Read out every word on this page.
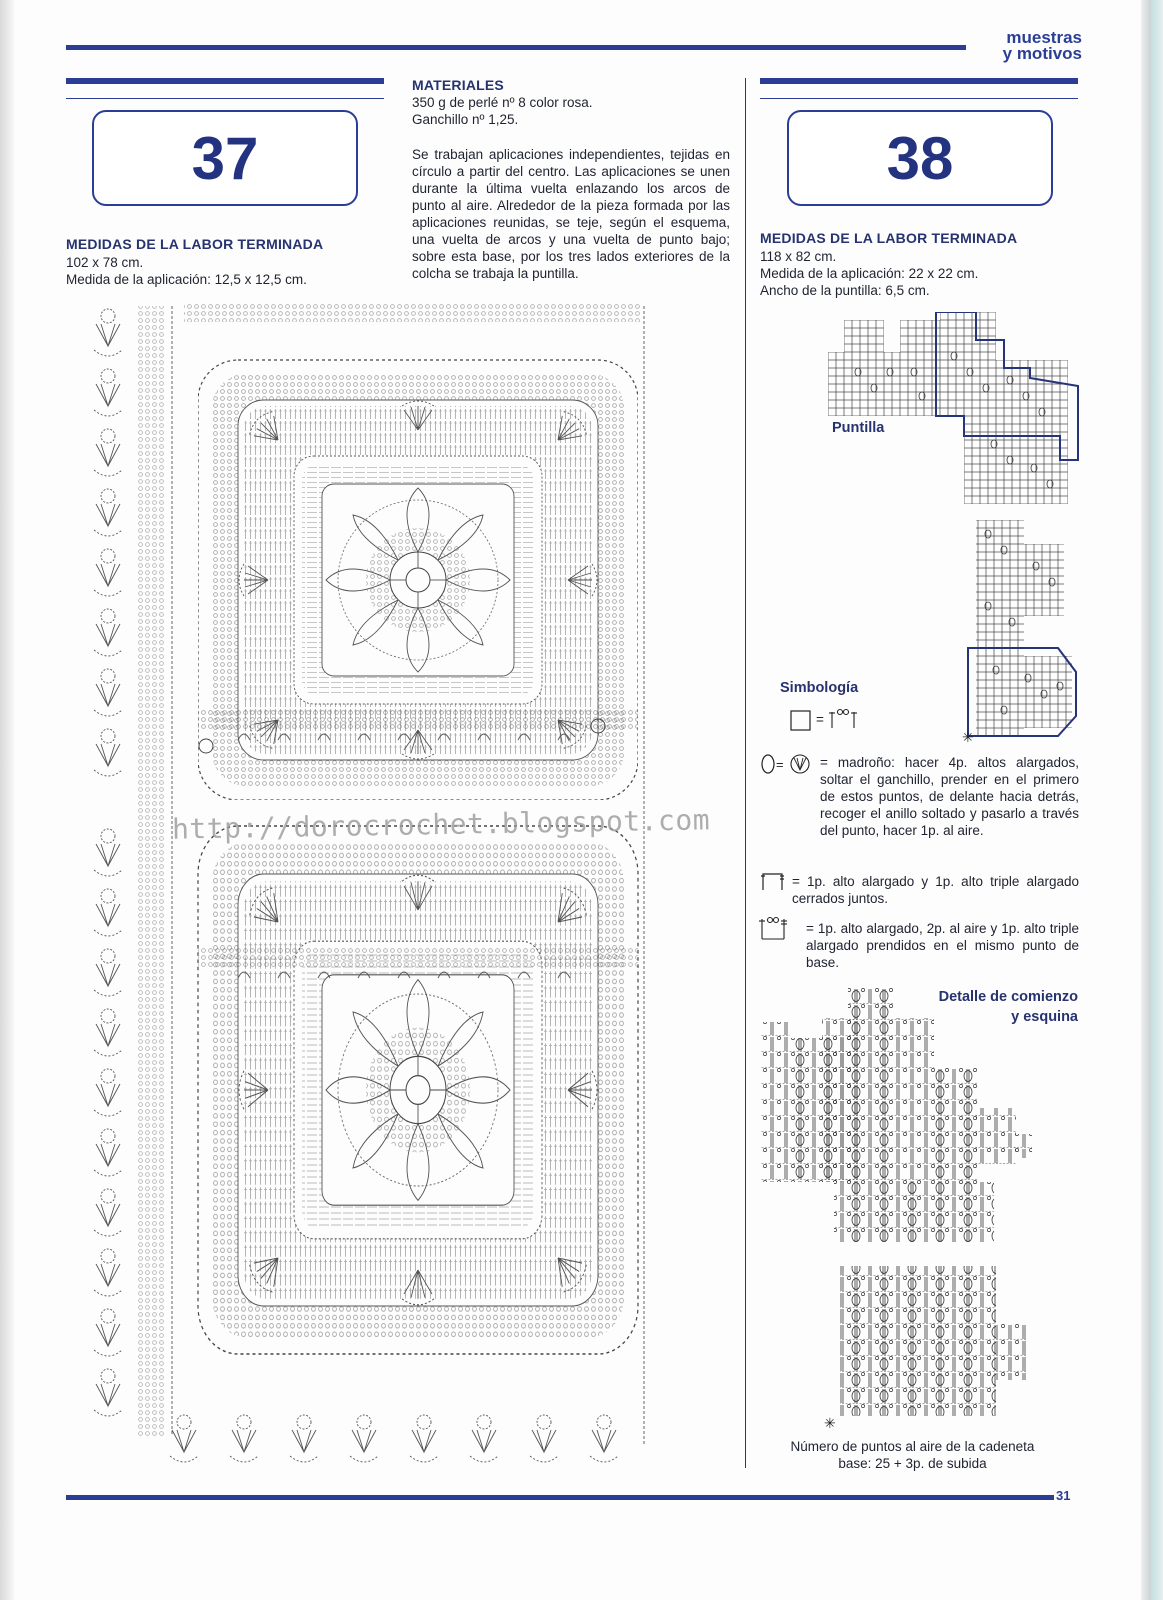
muestras
y motivos
37
MEDIDAS DE LA LABOR TERMINADA
102 x 78 cm.
Medida de la aplicación: 12,5 x 12,5 cm.
MATERIALES
350 g de perlé nº 8 color rosa.
Ganchillo nº 1,25.
Se trabajan aplicaciones independientes, tejidas en círculo a partir del centro. Las aplicaciones se unen durante la última vuelta enlazando los arcos de punto al aire. Alrededor de la pieza formada por las aplicaciones reunidas, se teje, según el esquema, una vuelta de arcos y una vuelta de punto bajo; sobre esta base, por los tres lados exteriores de la colcha se trabaja la puntilla.
http://dorocrochet.blogspot.com
38
MEDIDAS DE LA LABOR TERMINADA
118 x 82 cm.
Medida de la aplicación: 22 x 22 cm.
Ancho de la puntilla: 6,5 cm.
Puntilla
✳
Simbología
=
=	= madroño: hacer 4p. altos alargados, soltar el ganchillo, prender en el primero de estos puntos, de delante hacia detrás, recoger el anillo soltado y pasarlo a través del punto, hacer 1p. al aire.
= 1p. alto alargado y 1p. alto triple alargado cerrados juntos.
= 1p. alto alargado, 2p. al aire y 1p. alto triple alargado prendidos en el mismo punto de base.
Detalle de comienzo
y esquina
✳
Número de puntos al aire de la cadeneta base: 25 + 3p. de subida
31
